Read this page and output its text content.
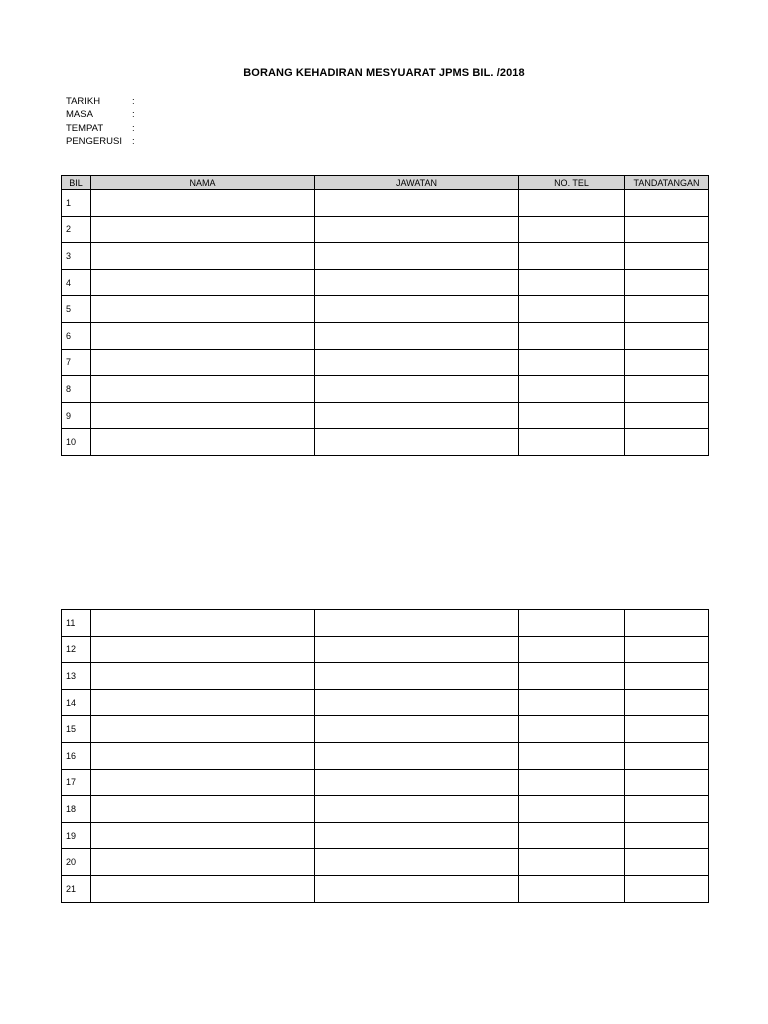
BORANG KEHADIRAN MESYUARAT JPMS BIL. /2018
TARIKH	:
MASA	:
TEMPAT	:
PENGERUSI	:
BIL	NAMA	JAWATAN	NO. TEL	TANDATANGAN
1				
2				
3				
4				
5				
6				
7				
8				
9				
10				
11				
12				
13				
14				
15				
16				
17				
18				
19				
20				
21				
